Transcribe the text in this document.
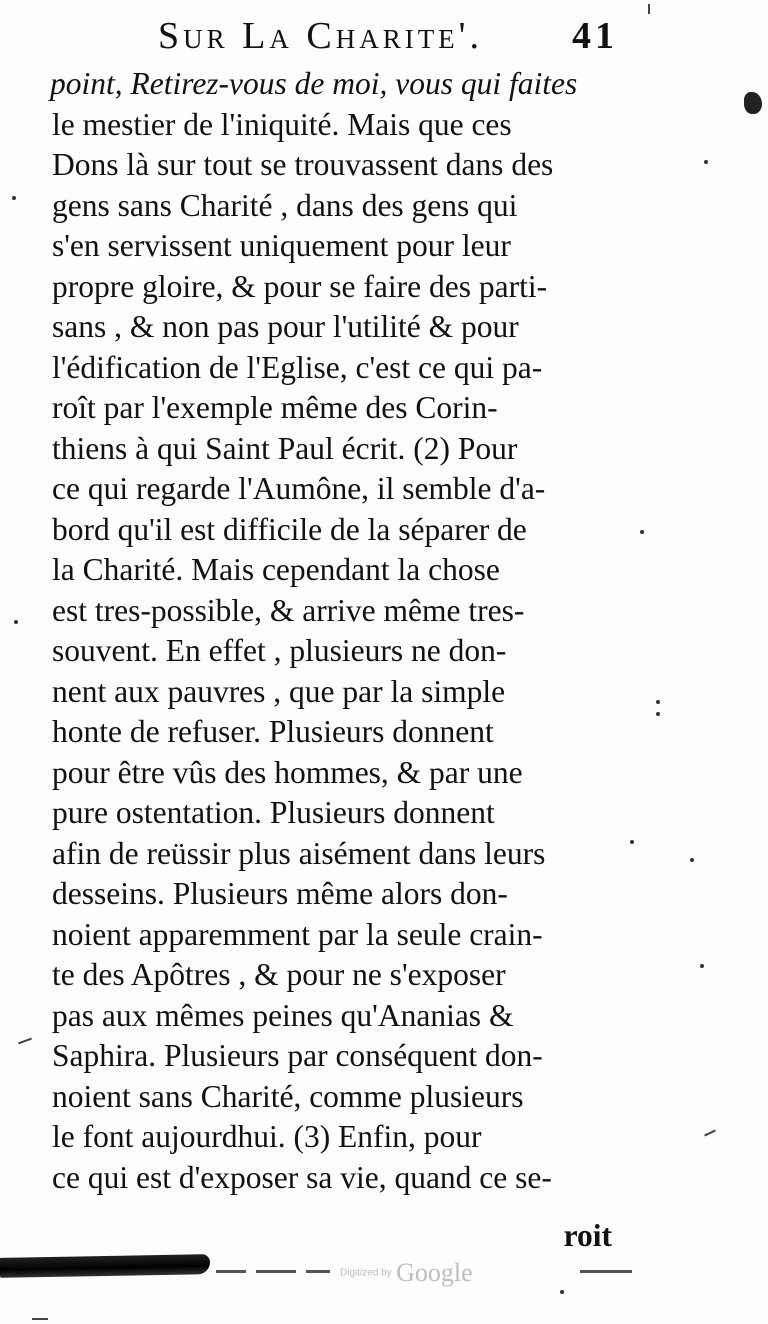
Sur La Charite'. 41
point, Retirez-vous de moi, vous qui faites
le mestier de l'iniquité. Mais que ces
Dons là sur tout se trouvassent dans des
gens sans Charité , dans des gens qui
s'en servissent uniquement pour leur
propre gloire, & pour se faire des parti-
sans , & non pas pour l'utilité & pour
l'édification de l'Eglise, c'est ce qui pa-
roît par l'exemple même des Corin-
thiens à qui Saint Paul écrit. (2) Pour
ce qui regarde l'Aumône, il semble d'a-
bord qu'il est difficile de la séparer de
la Charité. Mais cependant la chose
est tres-possible, & arrive même tres-
souvent. En effet , plusieurs ne don-
nent aux pauvres , que par la simple
honte de refuser. Plusieurs donnent
pour être vûs des hommes, & par une
pure ostentation. Plusieurs donnent
afin de reüssir plus aisément dans leurs
desseins. Plusieurs même alors don-
noient apparemment par la seule crain-
te des Apôtres , & pour ne s'exposer
pas aux mêmes peines qu'Ananias &
Saphira. Plusieurs par conséquent don-
noient sans Charité, comme plusieurs
le font aujourdhui. (3) Enfin, pour
ce qui est d'exposer sa vie, quand ce se-
roit
Digitized by Google
